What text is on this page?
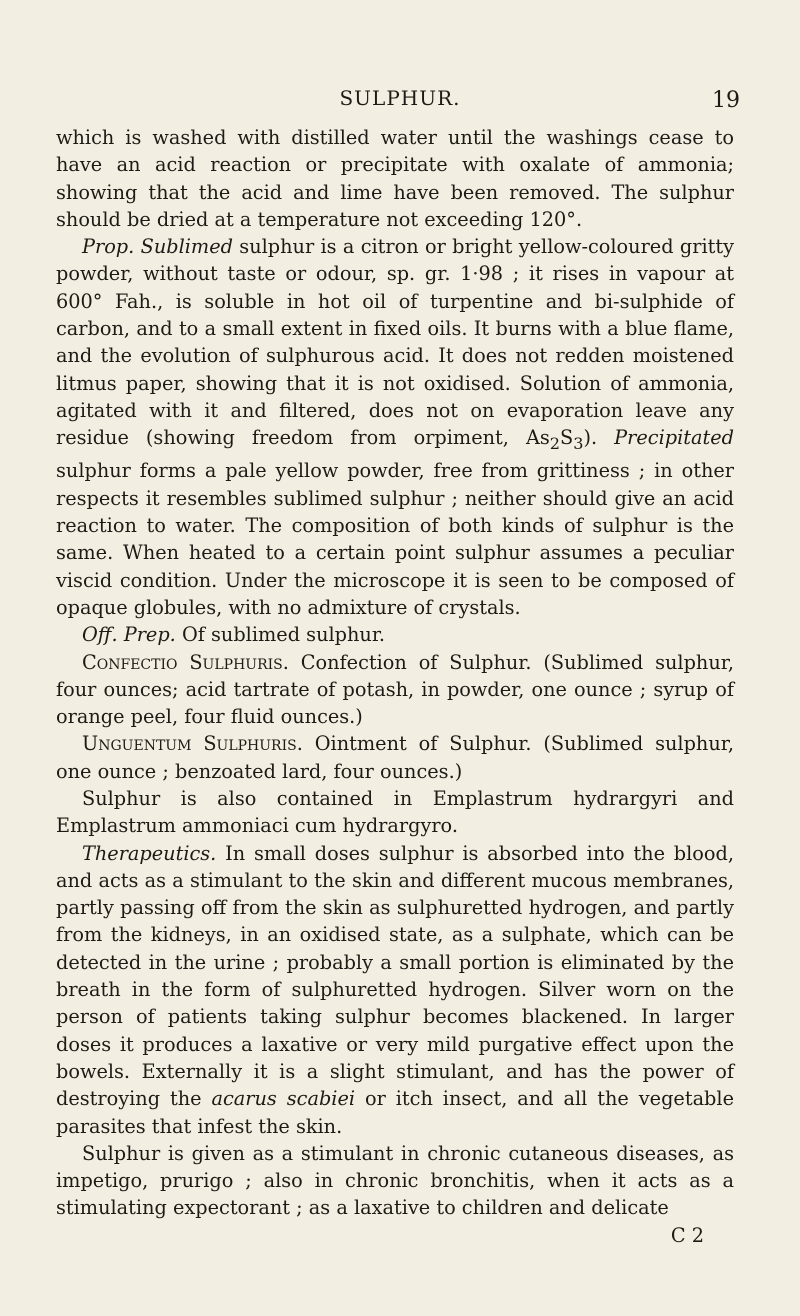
SULPHUR.	19

which is washed with distilled water until the washings cease to have an acid reaction or precipitate with oxalate of ammonia; showing that the acid and lime have been removed. The sulphur should be dried at a temperature not exceeding 120°.

Prop. Sublimed sulphur is a citron or bright yellow-coloured gritty powder, without taste or odour, sp. gr. 1·98 ; it rises in vapour at 600° Fah., is soluble in hot oil of turpentine and bi-sulphide of carbon, and to a small extent in fixed oils. It burns with a blue flame, and the evolution of sulphurous acid. It does not redden moistened litmus paper, showing that it is not oxidised. Solution of ammonia, agitated with it and filtered, does not on evaporation leave any residue (showing freedom from orpiment, $As_2S_3$). Precipitated sulphur forms a pale yellow powder, free from grittiness ; in other respects it resembles sublimed sulphur ; neither should give an acid reaction to water. The composition of both kinds of sulphur is the same. When heated to a certain point sulphur assumes a peculiar viscid condition. Under the microscope it is seen to be composed of opaque globules, with no admixture of crystals.

Off. Prep. Of sublimed sulphur.

Confectio Sulphuris. Confection of Sulphur. (Sublimed sulphur, four ounces; acid tartrate of potash, in powder, one ounce ; syrup of orange peel, four fluid ounces.)

Unguentum Sulphuris. Ointment of Sulphur. (Sublimed sulphur, one ounce ; benzoated lard, four ounces.)

Sulphur is also contained in Emplastrum hydrargyri and Emplastrum ammoniaci cum hydrargyro.

Therapeutics. In small doses sulphur is absorbed into the blood, and acts as a stimulant to the skin and different mucous membranes, partly passing off from the skin as sulphuretted hydrogen, and partly from the kidneys, in an oxidised state, as a sulphate, which can be detected in the urine ; probably a small portion is eliminated by the breath in the form of sulphuretted hydrogen. Silver worn on the person of patients taking sulphur becomes blackened. In larger doses it produces a laxative or very mild purgative effect upon the bowels. Externally it is a slight stimulant, and has the power of destroying the acarus scabiei or itch insect, and all the vegetable parasites that infest the skin.

Sulphur is given as a stimulant in chronic cutaneous diseases, as impetigo, prurigo ; also in chronic bronchitis, when it acts as a stimulating expectorant ; as a laxative to children and delicate

C 2
